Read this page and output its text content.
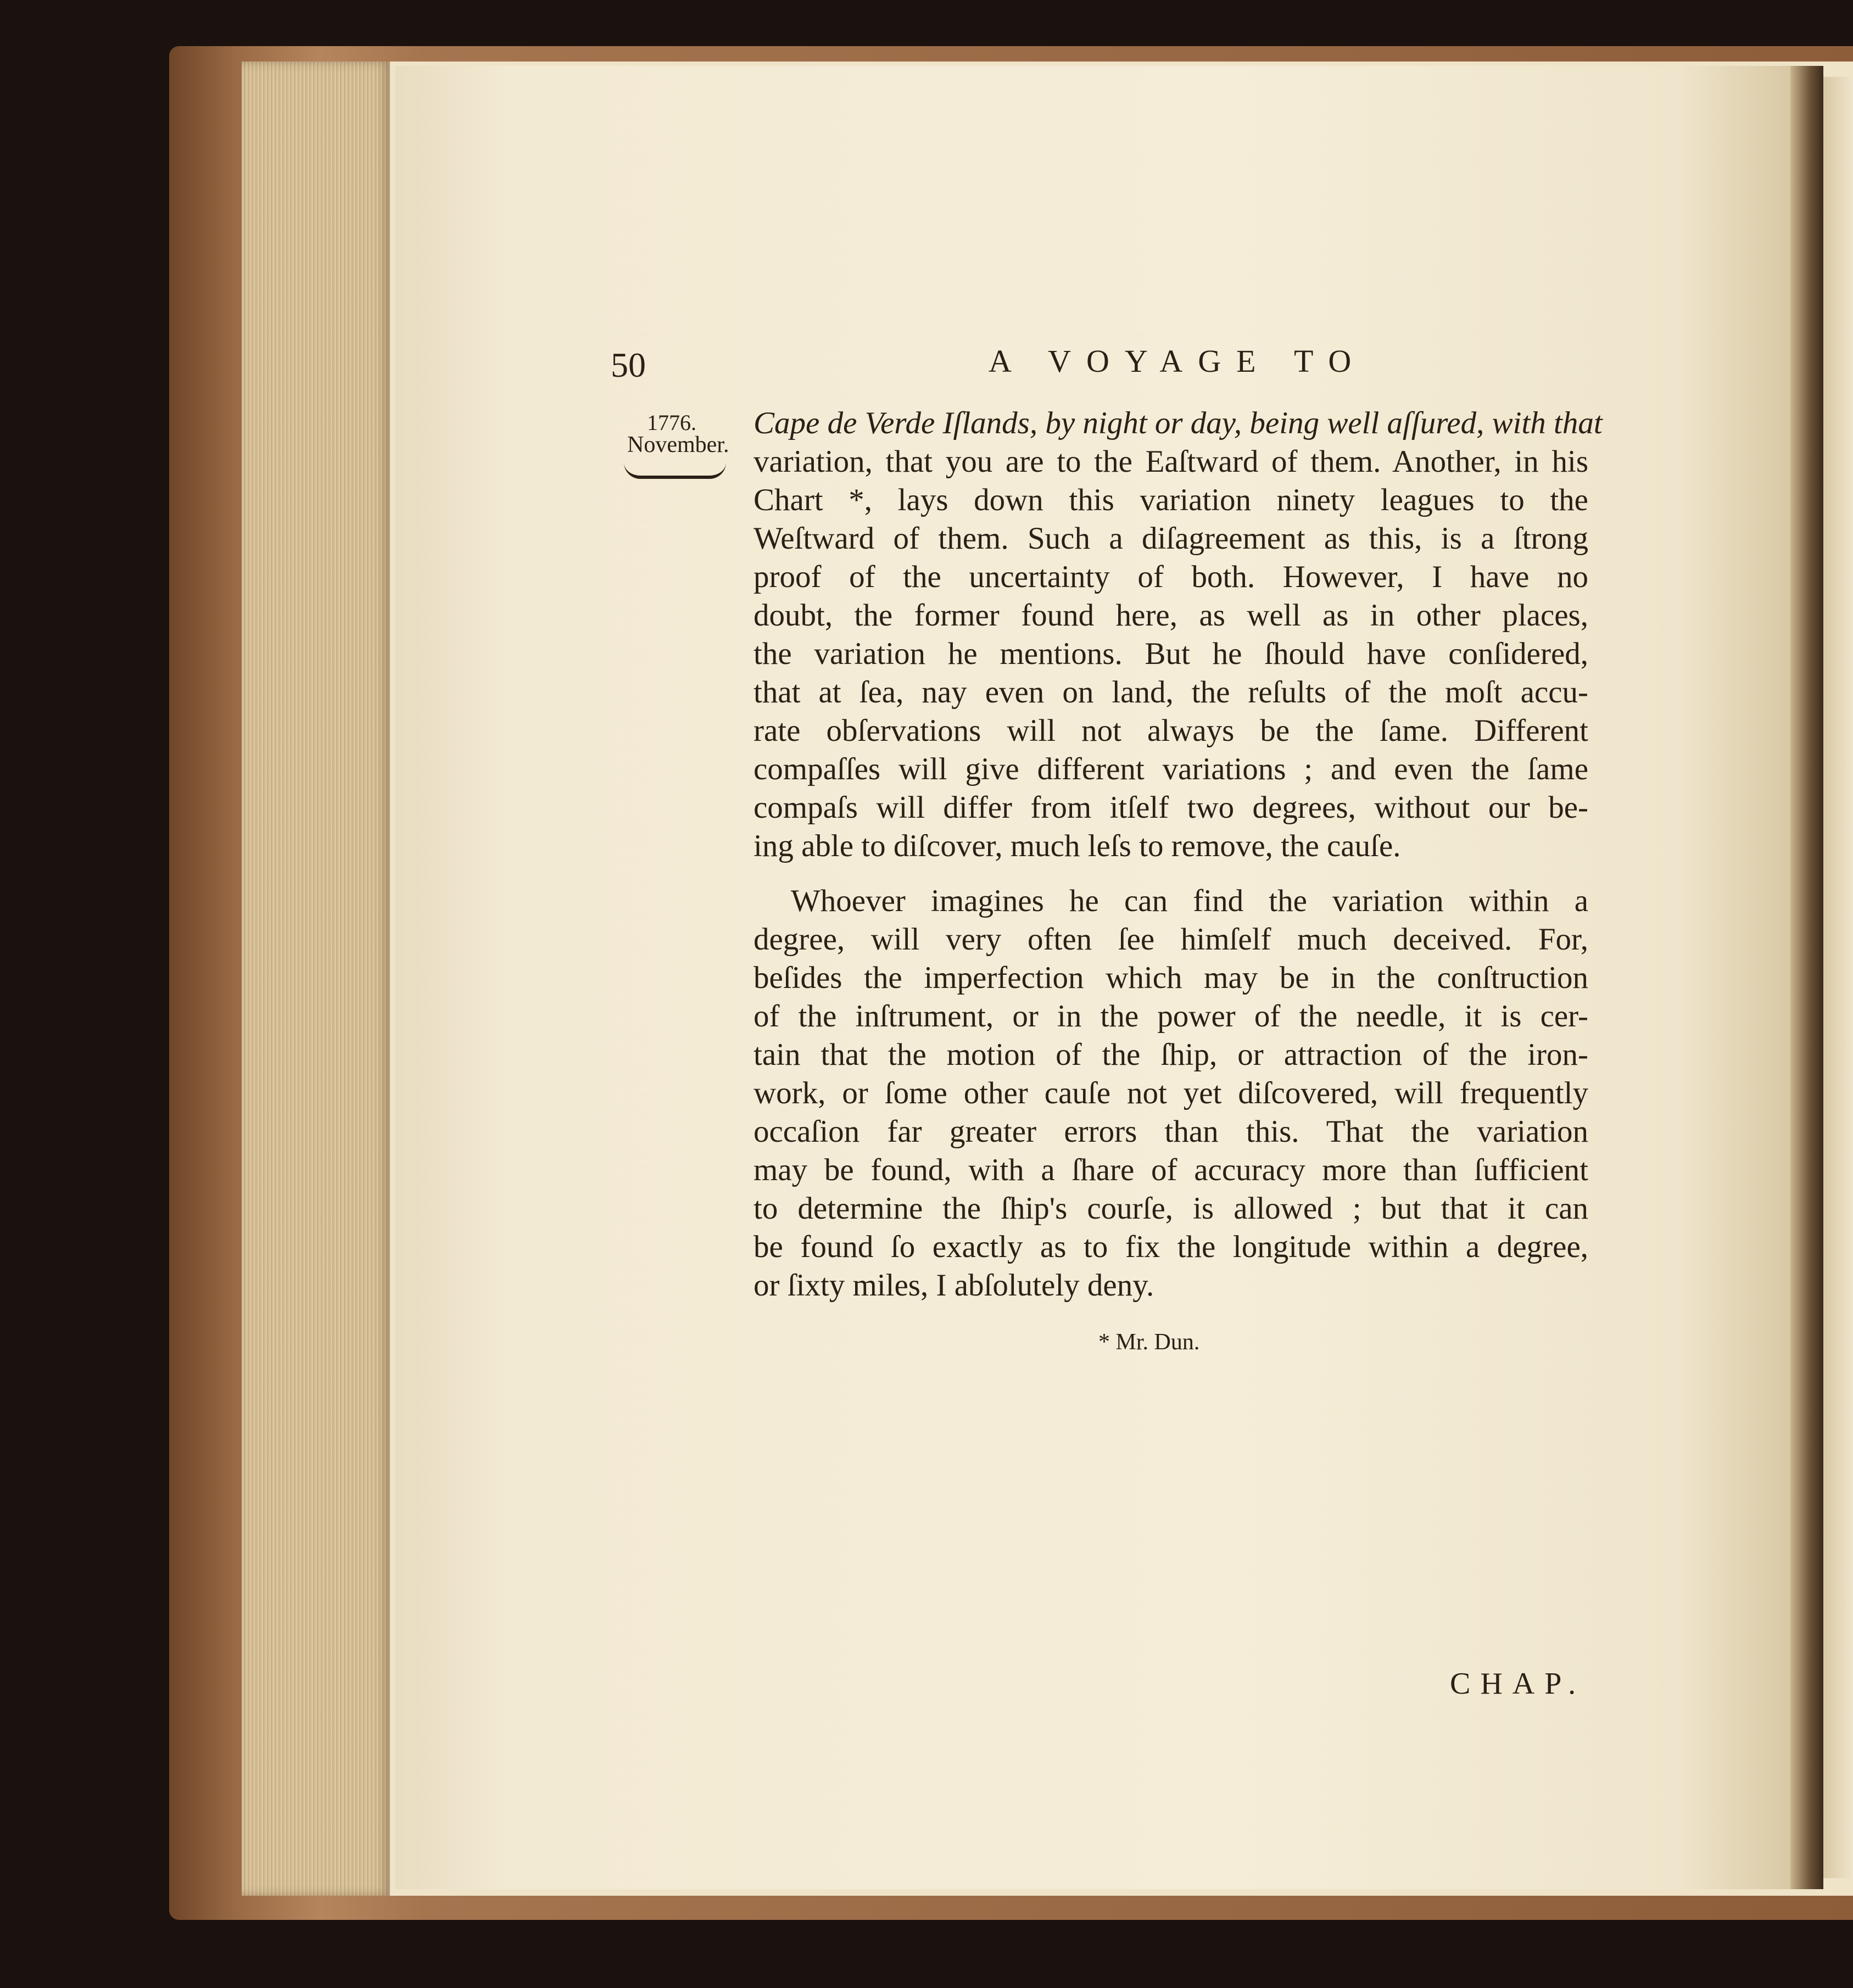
50	A VOYAGE TO
1776.
November.
Cape de Verde Iſlands, by night or day, being well aſſured, with that
variation, that you are to the Eaſtward of them. Another, in his
Chart *, lays down this variation ninety leagues to the
Weſtward of them. Such a diſagreement as this, is a ſtrong
proof of the uncertainty of both. However, I have no
doubt, the former found here, as well as in other places,
the variation he mentions. But he ſhould have conſidered,
that at ſea, nay even on land, the reſults of the moſt accu-
rate obſervations will not always be the ſame. Different
compaſſes will give different variations ; and even the ſame
compaſs will differ from itſelf two degrees, without our be-
ing able to diſcover, much leſs to remove, the cauſe.
Whoever imagines he can find the variation within a
degree, will very often ſee himſelf much deceived. For,
beſides the imperfection which may be in the conſtruction
of the inſtrument, or in the power of the needle, it is cer-
tain that the motion of the ſhip, or attraction of the iron-
work, or ſome other cauſe not yet diſcovered, will frequently
occaſion far greater errors than this. That the variation
may be found, with a ſhare of accuracy more than ſufficient
to determine the ſhip's courſe, is allowed ; but that it can
be found ſo exactly as to fix the longitude within a degree,
or ſixty miles, I abſolutely deny.
* Mr. Dun.
CHAP.
